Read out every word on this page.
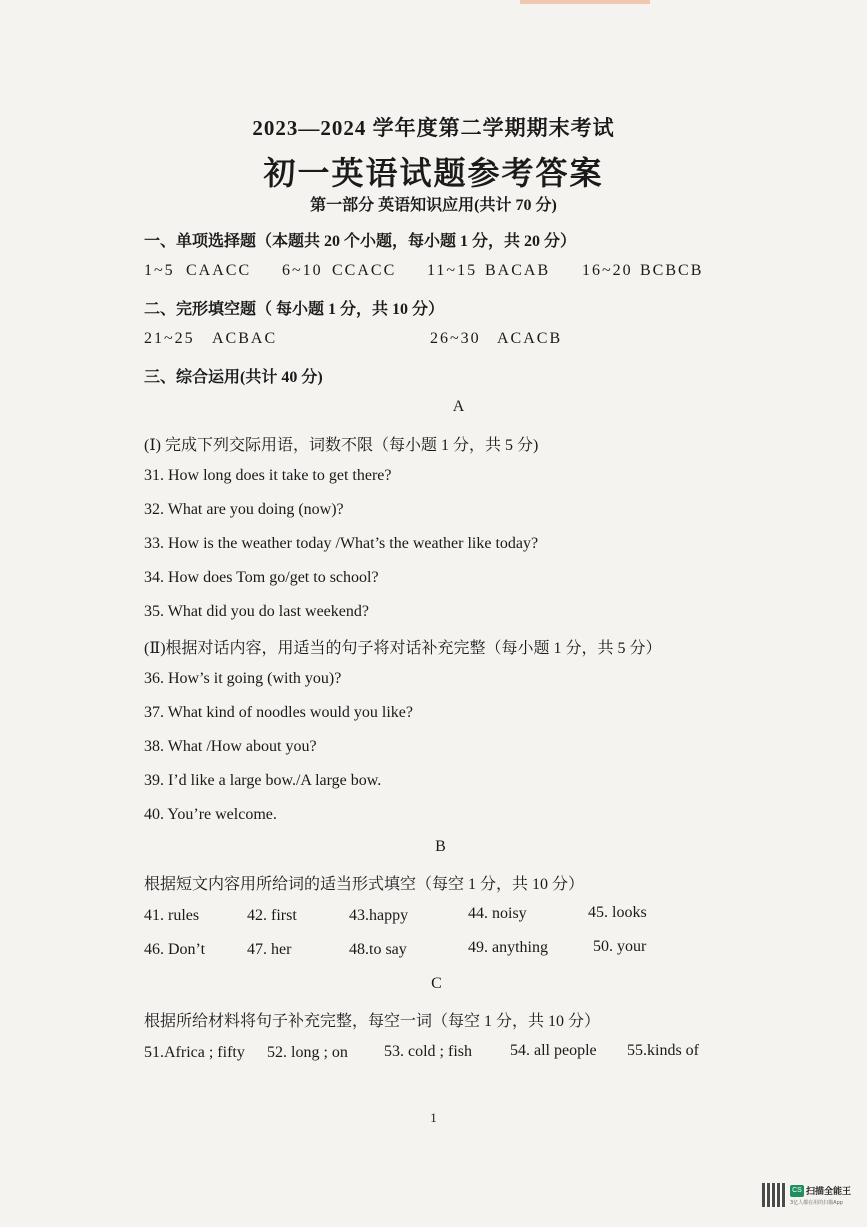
2023—2024 学年度第二学期期末考试
初一英语试题参考答案
第一部分 英语知识应用(共计 70 分)
一、单项选择题（本题共 20 个小题，每小题 1 分，共 20 分）
1~5 CAACC 6~10 CCACC 11~15 BACAB 16~20 BCBCB
二、完形填空题（ 每小题 1 分，共 10 分）
21~25 ACBAC	26~30 ACACB
三、综合运用(共计 40 分)
A
(Ⅰ) 完成下列交际用语，词数不限（每小题 1 分，共 5 分)
31. How long does it take to get there?
32. What are you doing (now)?
33. How is the weather today /What’s the weather like today?
34. How does Tom go/get to school?
35. What did you do last weekend?
(Ⅱ)根据对话内容，用适当的句子将对话补充完整（每小题 1 分，共 5 分）
36. How’s it going (with you)?
37. What kind of noodles would you like?
38. What /How about you?
39. I’d like a large bow./A large bow.
40. You’re welcome.
B
根据短文内容用所给词的适当形式填空（每空 1 分，共 10 分）
41. rules	42. first	43.happy	44. noisy	45. looks
46. Don’t	47. her	48.to say	49. anything	50. your
C
根据所给材料将句子补充完整，每空一词（每空 1 分，共 10 分）
51.Africa ; fifty 52. long ; on 53. cold ; fish 54. all people 55.kinds of
1
CS 扫描全能王
3亿人都在用的扫描App
